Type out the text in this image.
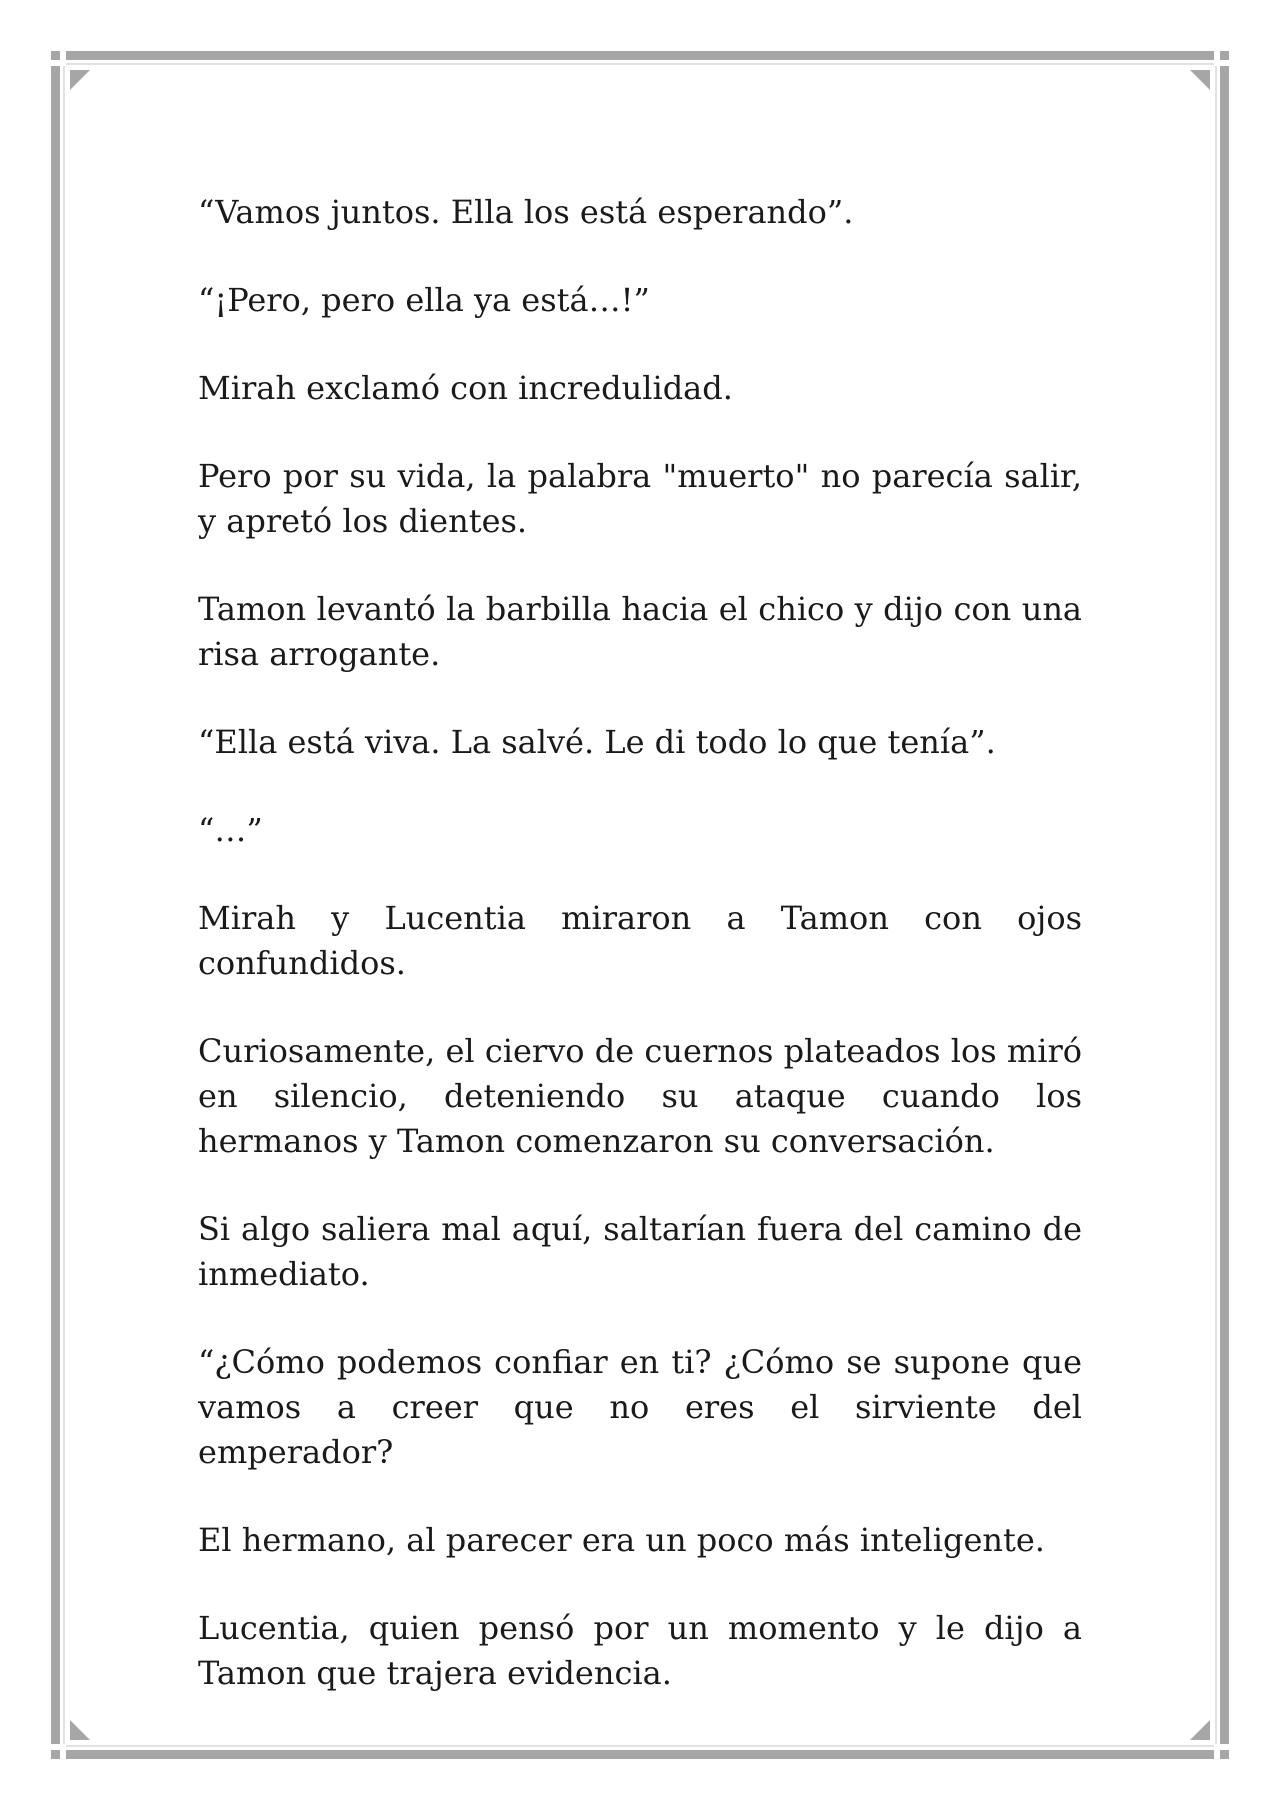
“Vamos juntos. Ella los está esperando”.

“¡Pero, pero ella ya está…!”

Mirah exclamó con incredulidad.

Pero por su vida, la palabra "muerto" no parecía salir, y apretó los dientes.

Tamon levantó la barbilla hacia el chico y dijo con una risa arrogante.

“Ella está viva. La salvé. Le di todo lo que tenía”.

“…”

Mirah y Lucentia miraron a Tamon con ojos confundidos.

Curiosamente, el ciervo de cuernos plateados los miró en silencio, deteniendo su ataque cuando los hermanos y Tamon comenzaron su conversación.

Si algo saliera mal aquí, saltarían fuera del camino de inmediato.

“¿Cómo podemos confiar en ti? ¿Cómo se supone que vamos a creer que no eres el sirviente del emperador?

El hermano, al parecer era un poco más inteligente.

Lucentia, quien pensó por un momento y le dijo a Tamon que trajera evidencia.
